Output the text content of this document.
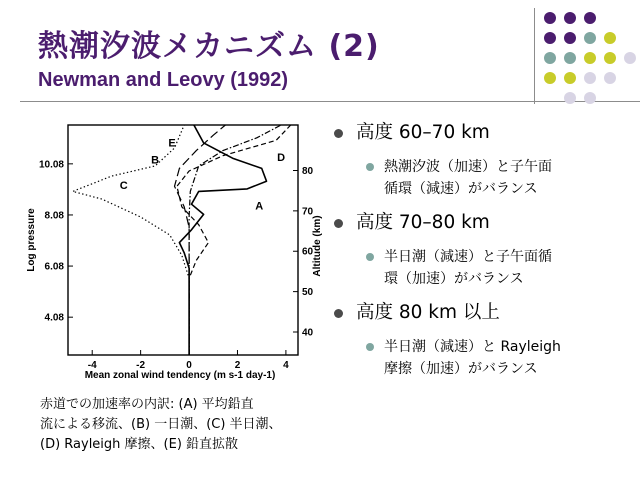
熱潮汐波メカニズム (2)
Newman and Leovy (1992)
-4	-2	0	2	4
4.08
6.08
8.08
10.08
40
50
60
70
80
A
B
C
D
E
Log pressure	Altitude (km)
Mean zonal wind tendency (m s-1 day-1)
赤道での加速率の内訳: (A) 平均鉛直
流による移流、(B) 一日潮、(C) 半日潮、
(D) Rayleigh 摩擦、(E) 鉛直拡散
高度 60–70 km
熱潮汐波（加速）と子午面
循環（減速）がバランス
高度 70–80 km
半日潮（減速）と子午面循
環（加速）がバランス
高度 80 km 以上
半日潮（減速）と Rayleigh
摩擦（加速）がバランス
